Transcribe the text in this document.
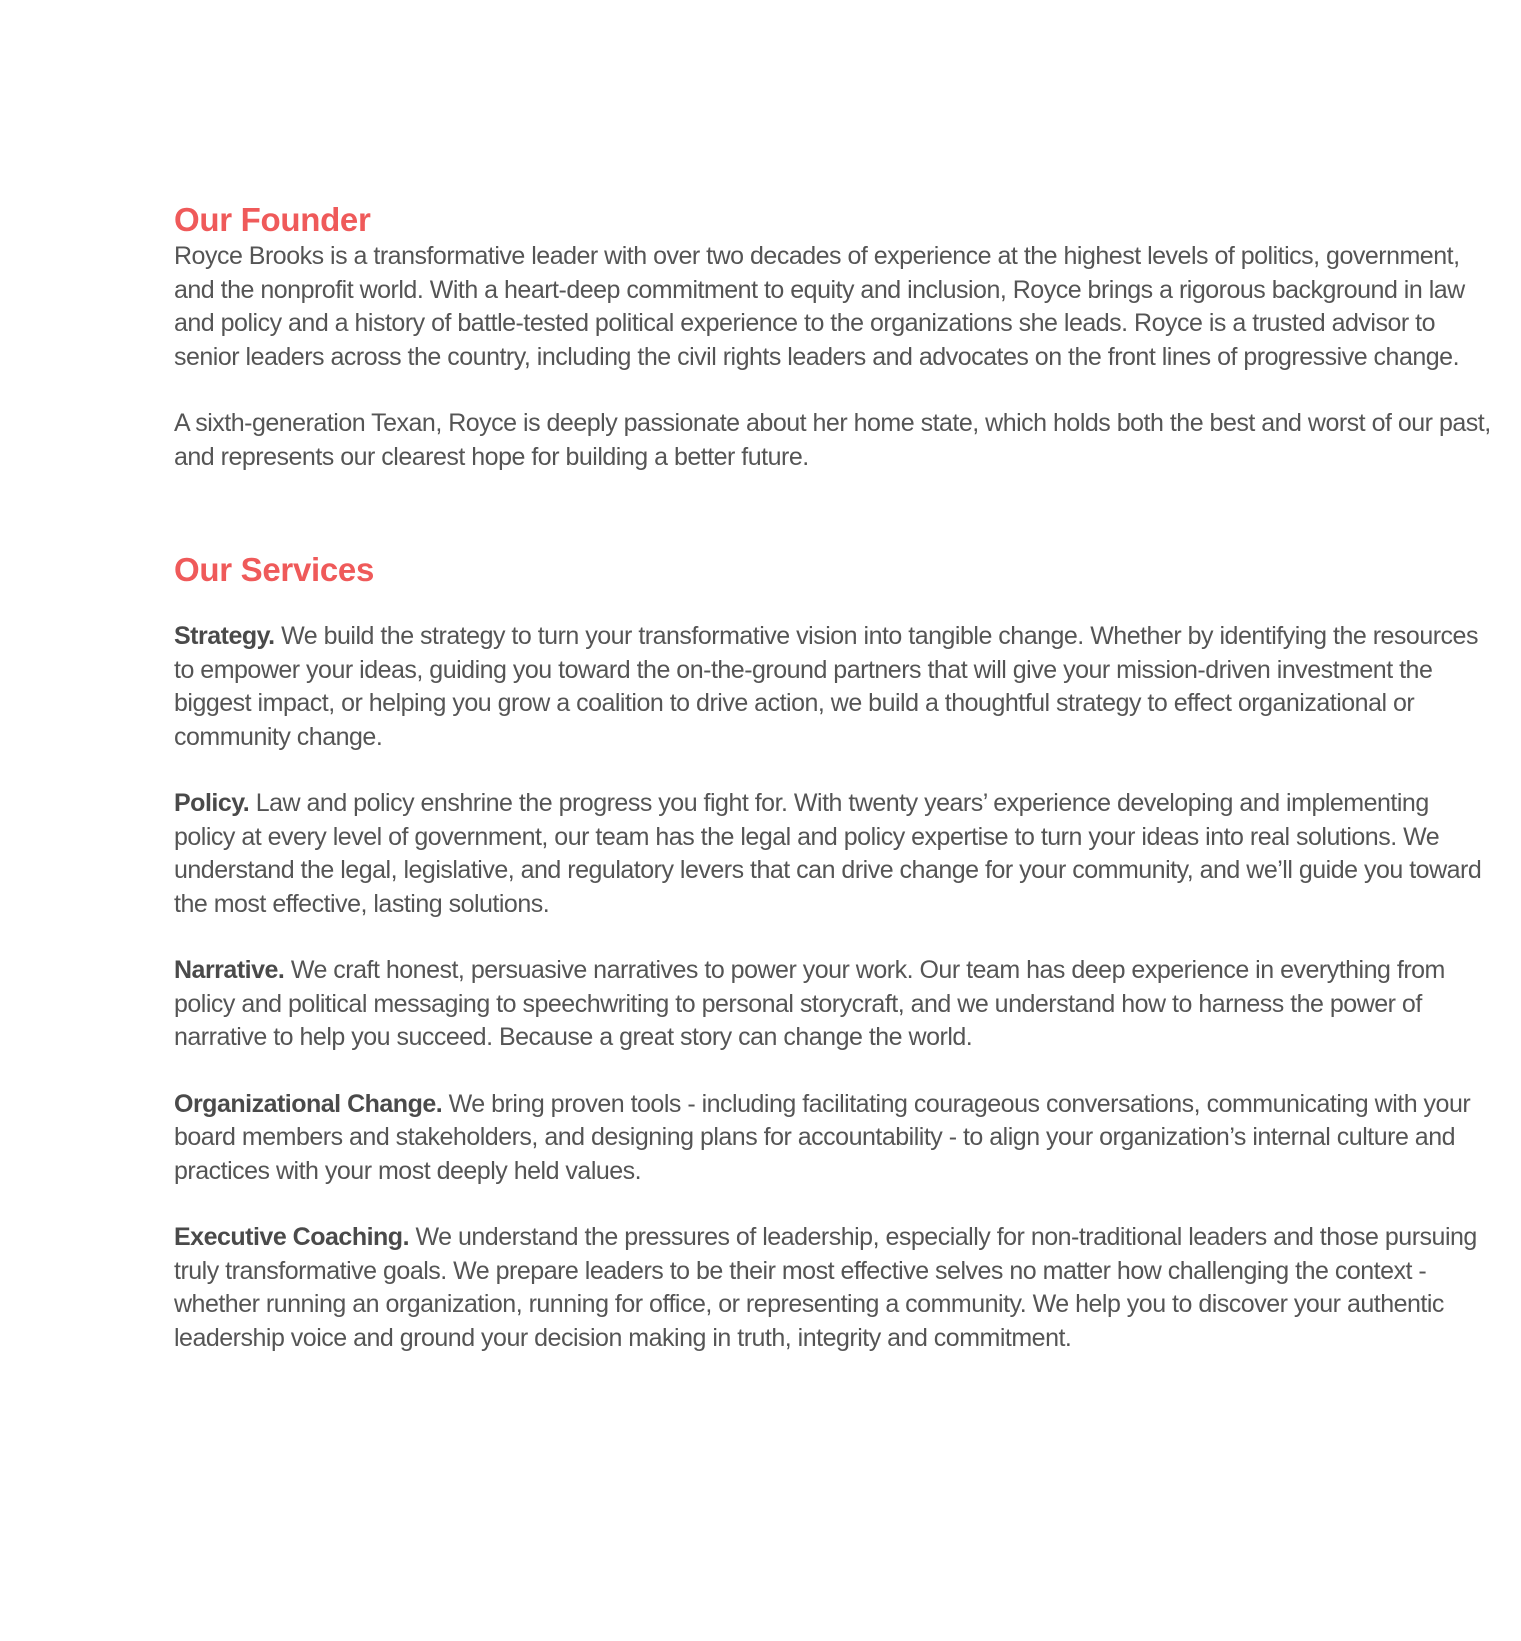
Our Founder

Royce Brooks is a transformative leader with over two decades of experience at the highest levels of politics, government, and the nonprofit world. With a heart-deep commitment to equity and inclusion, Royce brings a rigorous background in law and policy and a history of battle-tested political experience to the organizations she leads. Royce is a trusted advisor to senior leaders across the country, including the civil rights leaders and advocates on the front lines of progressive change.

A sixth-generation Texan, Royce is deeply passionate about her home state, which holds both the best and worst of our past, and represents our clearest hope for building a better future.

Our Services

Strategy. We build the strategy to turn your transformative vision into tangible change. Whether by identifying the resources to empower your ideas, guiding you toward the on-the-ground partners that will give your mission-driven investment the biggest impact, or helping you grow a coalition to drive action, we build a thoughtful strategy to effect organizational or community change.

Policy. Law and policy enshrine the progress you fight for. With twenty years’ experience developing and implementing policy at every level of government, our team has the legal and policy expertise to turn your ideas into real solutions. We understand the legal, legislative, and regulatory levers that can drive change for your community, and we’ll guide you toward the most effective, lasting solutions.

Narrative. We craft honest, persuasive narratives to power your work. Our team has deep experience in everything from policy and political messaging to speechwriting to personal storycraft, and we understand how to harness the power of narrative to help you succeed. Because a great story can change the world.

Organizational Change. We bring proven tools - including facilitating courageous conversations, communicating with your board members and stakeholders, and designing plans for accountability - to align your organization’s internal culture and practices with your most deeply held values.

Executive Coaching. We understand the pressures of leadership, especially for non-traditional leaders and those pursuing truly transformative goals. We prepare leaders to be their most effective selves no matter how challenging the context - whether running an organization, running for office, or representing a community. We help you to discover your authentic leadership voice and ground your decision making in truth, integrity and commitment.
